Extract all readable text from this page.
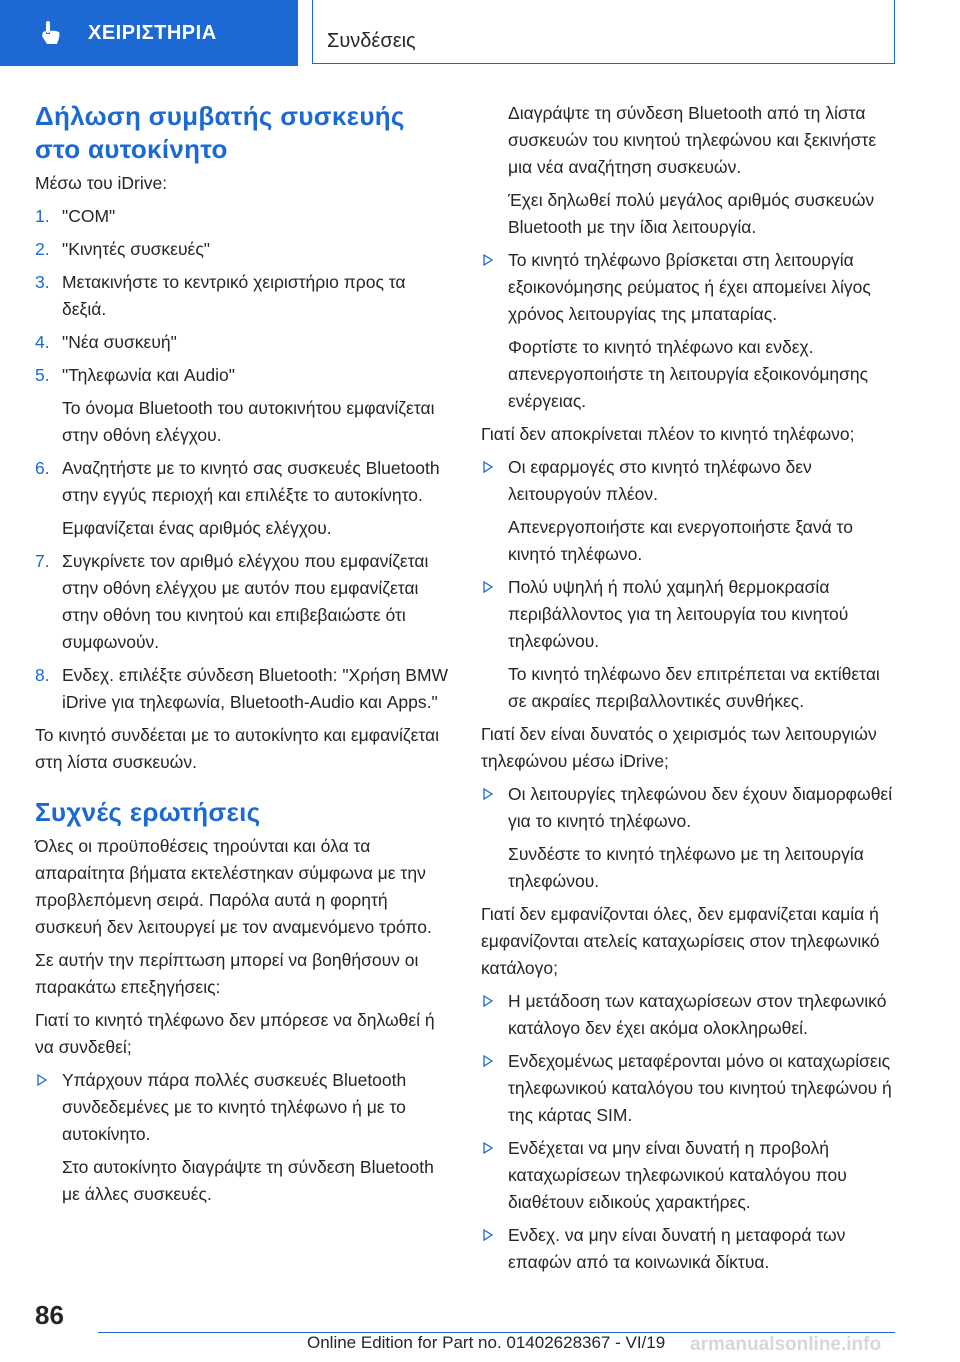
ΧΕΙΡΙΣΤΗΡΙΑ	Συνδέσεις
Δήλωση συμβατής συσκευής στο αυτοκίνητο

Μέσω του iDrive:

1. "COM"
2. "Κινητές συσκευές"
3. Μετακινήστε το κεντρικό χειριστήριο προς τα δεξιά.
4. "Νέα συσκευή"
5. "Τηλεφωνία και Audio"

Το όνομα Bluetooth του αυτοκινήτου εμφανίζεται στην οθόνη ελέγχου.

6. Αναζητήστε με το κινητό σας συσκευές Bluetooth στην εγγύς περιοχή και επιλέξτε το αυτοκίνητο.

Εμφανίζεται ένας αριθμός ελέγχου.

7. Συγκρίνετε τον αριθμό ελέγχου που εμφανίζεται στην οθόνη ελέγχου με αυτόν που εμφανίζεται στην οθόνη του κινητού και επιβεβαιώστε ότι συμφωνούν.
8. Ενδεχ. επιλέξτε σύνδεση Bluetooth: "Χρήση BMW iDrive για τηλεφωνία, Bluetooth-Audio και Apps."

Το κινητό συνδέεται με το αυτοκίνητο και εμφανίζεται στη λίστα συσκευών.

Συχνές ερωτήσεις

Όλες οι προϋποθέσεις τηρούνται και όλα τα απαραίτητα βήματα εκτελέστηκαν σύμφωνα με την προβλεπόμενη σειρά. Παρόλα αυτά η φορητή συσκευή δεν λειτουργεί με τον αναμενόμενο τρόπο.

Σε αυτήν την περίπτωση μπορεί να βοηθήσουν οι παρακάτω επεξηγήσεις:

Γιατί το κινητό τηλέφωνο δεν μπόρεσε να δηλωθεί ή να συνδεθεί;

Υπάρχουν πάρα πολλές συσκευές Bluetooth συνδεδεμένες με το κινητό τηλέφωνο ή με το αυτοκίνητο.

Στο αυτοκίνητο διαγράψτε τη σύνδεση Bluetooth με άλλες συσκευές.

Διαγράψτε τη σύνδεση Bluetooth από τη λίστα συσκευών του κινητού τηλεφώνου και ξεκινήστε μια νέα αναζήτηση συσκευών.

Έχει δηλωθεί πολύ μεγάλος αριθμός συσκευών Bluetooth με την ίδια λειτουργία.

Το κινητό τηλέφωνο βρίσκεται στη λειτουργία εξοικονόμησης ρεύματος ή έχει απομείνει λίγος χρόνος λειτουργίας της μπαταρίας.

Φορτίστε το κινητό τηλέφωνο και ενδεχ. απενεργοποιήστε τη λειτουργία εξοικονόμησης ενέργειας.

Γιατί δεν αποκρίνεται πλέον το κινητό τηλέφωνο;

Οι εφαρμογές στο κινητό τηλέφωνο δεν λειτουργούν πλέον.

Απενεργοποιήστε και ενεργοποιήστε ξανά το κινητό τηλέφωνο.

Πολύ υψηλή ή πολύ χαμηλή θερμοκρασία περιβάλλοντος για τη λειτουργία του κινητού τηλεφώνου.

Το κινητό τηλέφωνο δεν επιτρέπεται να εκτίθεται σε ακραίες περιβαλλοντικές συνθήκες.

Γιατί δεν είναι δυνατός ο χειρισμός των λειτουργιών τηλεφώνου μέσω iDrive;

Οι λειτουργίες τηλεφώνου δεν έχουν διαμορφωθεί για το κινητό τηλέφωνο.

Συνδέστε το κινητό τηλέφωνο με τη λειτουργία τηλεφώνου.

Γιατί δεν εμφανίζονται όλες, δεν εμφανίζεται καμία ή εμφανίζονται ατελείς καταχωρίσεις στον τηλεφωνικό κατάλογο;

Η μετάδοση των καταχωρίσεων στον τηλεφωνικό κατάλογο δεν έχει ακόμα ολοκληρωθεί.
Ενδεχομένως μεταφέρονται μόνο οι καταχωρίσεις τηλεφωνικού καταλόγου του κινητού τηλεφώνου ή της κάρτας SIM.
Ενδέχεται να μην είναι δυνατή η προβολή καταχωρίσεων τηλεφωνικού καταλόγου που διαθέτουν ειδικούς χαρακτήρες.
Ενδεχ. να μην είναι δυνατή η μεταφορά των επαφών από τα κοινωνικά δίκτυα.
86
Online Edition for Part no. 01402628367 - VI/19 armanualsonline.info
